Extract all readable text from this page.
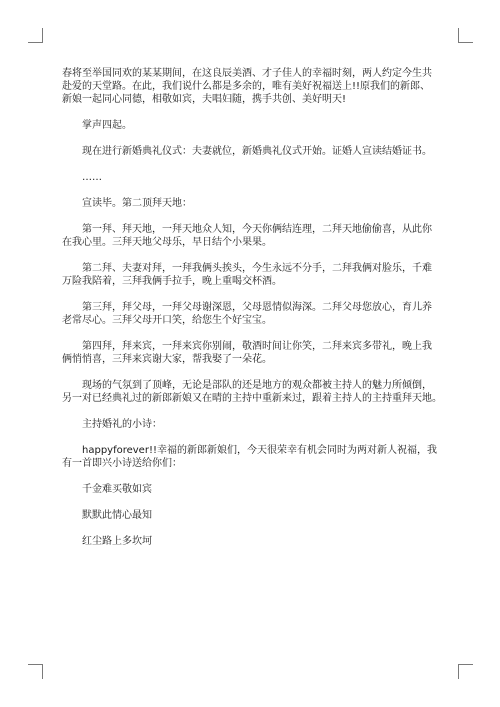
春将至举国同欢的某某期间，在这良辰美酒、才子佳人的幸福时刻，两人约定今生共
赴爱的天堂路。在此，我们说什么都是多余的，唯有美好祝福送上!!原我们的新郎、
新娘一起同心同德，相敬如宾，夫唱妇随，携手共创、美好明天!
掌声四起。
现在进行新婚典礼仪式：夫妻就位，新婚典礼仪式开始。证婚人宣读结婚证书。
……
宣读毕。第二顶拜天地：
第一拜、拜天地，一拜天地众人知，今天你俩结连理，二拜天地偷偷喜，从此你
在我心里。三拜天地父母乐，早日结个小果果。
第二拜、夫妻对拜，一拜我俩头挨头，今生永远不分手，二拜我俩对脸乐，千难
万险我陪着，三拜我俩手拉手，晚上重喝交杯酒。
第三拜，拜父母，一拜父母谢深恩，父母恩情似海深。二拜父母您放心，育儿养
老常尽心。三拜父母开口笑，给您生个好宝宝。
第四拜，拜来宾，一拜来宾你别闹，敬酒时间让你笑，二拜来宾多带礼，晚上我
俩悄悄喜，三拜来宾谢大家，帮我娶了一朵花。
现场的气氛到了顶峰，无论是部队的还是地方的观众都被主持人的魅力所倾倒，
另一对已经典礼过的新郎新娘又在晴的主持中重新来过，跟着主持人的主持重拜天地。
主持婚礼的小诗：
happyforever!!幸福的新郎新娘们，今天很荣幸有机会同时为两对新人祝福，我
有一首即兴小诗送给你们：
千金难买敬如宾
默默此情心最知
红尘路上多坎坷
